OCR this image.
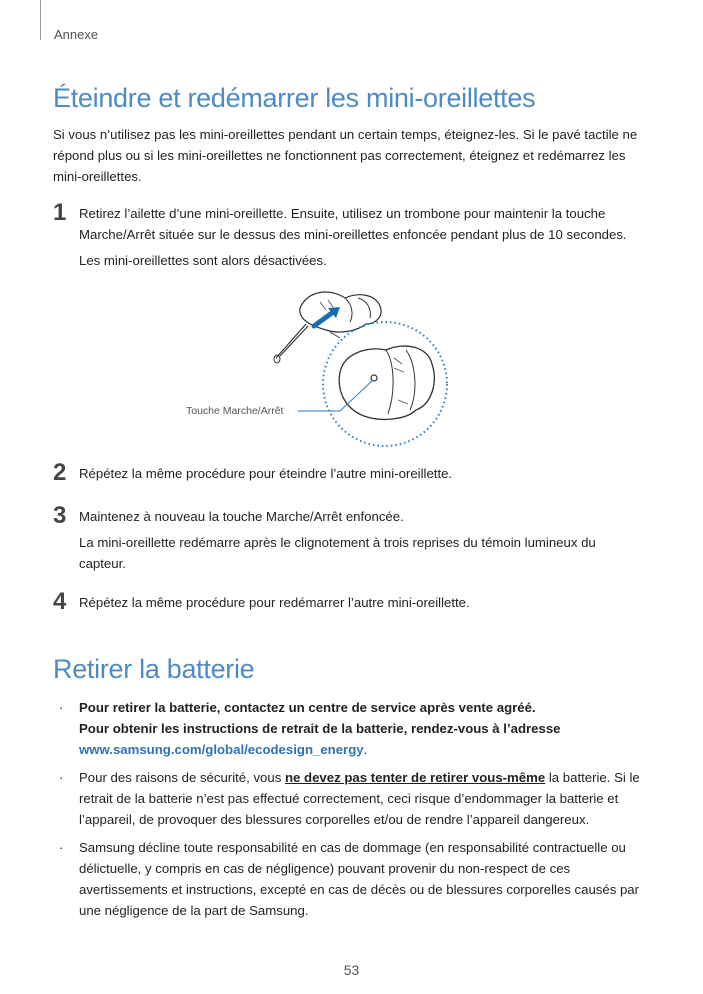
Annexe
Éteindre et redémarrer les mini-oreillettes
Si vous n’utilisez pas les mini-oreillettes pendant un certain temps, éteignez-les. Si le pavé tactile ne répond plus ou si les mini-oreillettes ne fonctionnent pas correctement, éteignez et redémarrez les mini-oreillettes.
1 Retirez l’ailette d’une mini-oreillette. Ensuite, utilisez un trombone pour maintenir la touche Marche/Arrêt située sur le dessus des mini-oreillettes enfoncée pendant plus de 10 secondes.
Les mini-oreillettes sont alors désactivées.
Touche Marche/Arrêt
2 Répétez la même procédure pour éteindre l’autre mini-oreillette.
3 Maintenez à nouveau la touche Marche/Arrêt enfoncée.
La mini-oreillette redémarre après le clignotement à trois reprises du témoin lumineux du capteur.
4 Répétez la même procédure pour redémarrer l’autre mini-oreillette.
Retirer la batterie
· Pour retirer la batterie, contactez un centre de service après vente agréé.
Pour obtenir les instructions de retrait de la batterie, rendez-vous à l’adresse
www.samsung.com/global/ecodesign_energy.
· Pour des raisons de sécurité, vous ne devez pas tenter de retirer vous-même la batterie. Si le retrait de la batterie n’est pas effectué correctement, ceci risque d’endommager la batterie et l’appareil, de provoquer des blessures corporelles et/ou de rendre l’appareil dangereux.
· Samsung décline toute responsabilité en cas de dommage (en responsabilité contractuelle ou délictuelle, y compris en cas de négligence) pouvant provenir du non-respect de ces avertissements et instructions, excepté en cas de décès ou de blessures corporelles causés par une négligence de la part de Samsung.
53
